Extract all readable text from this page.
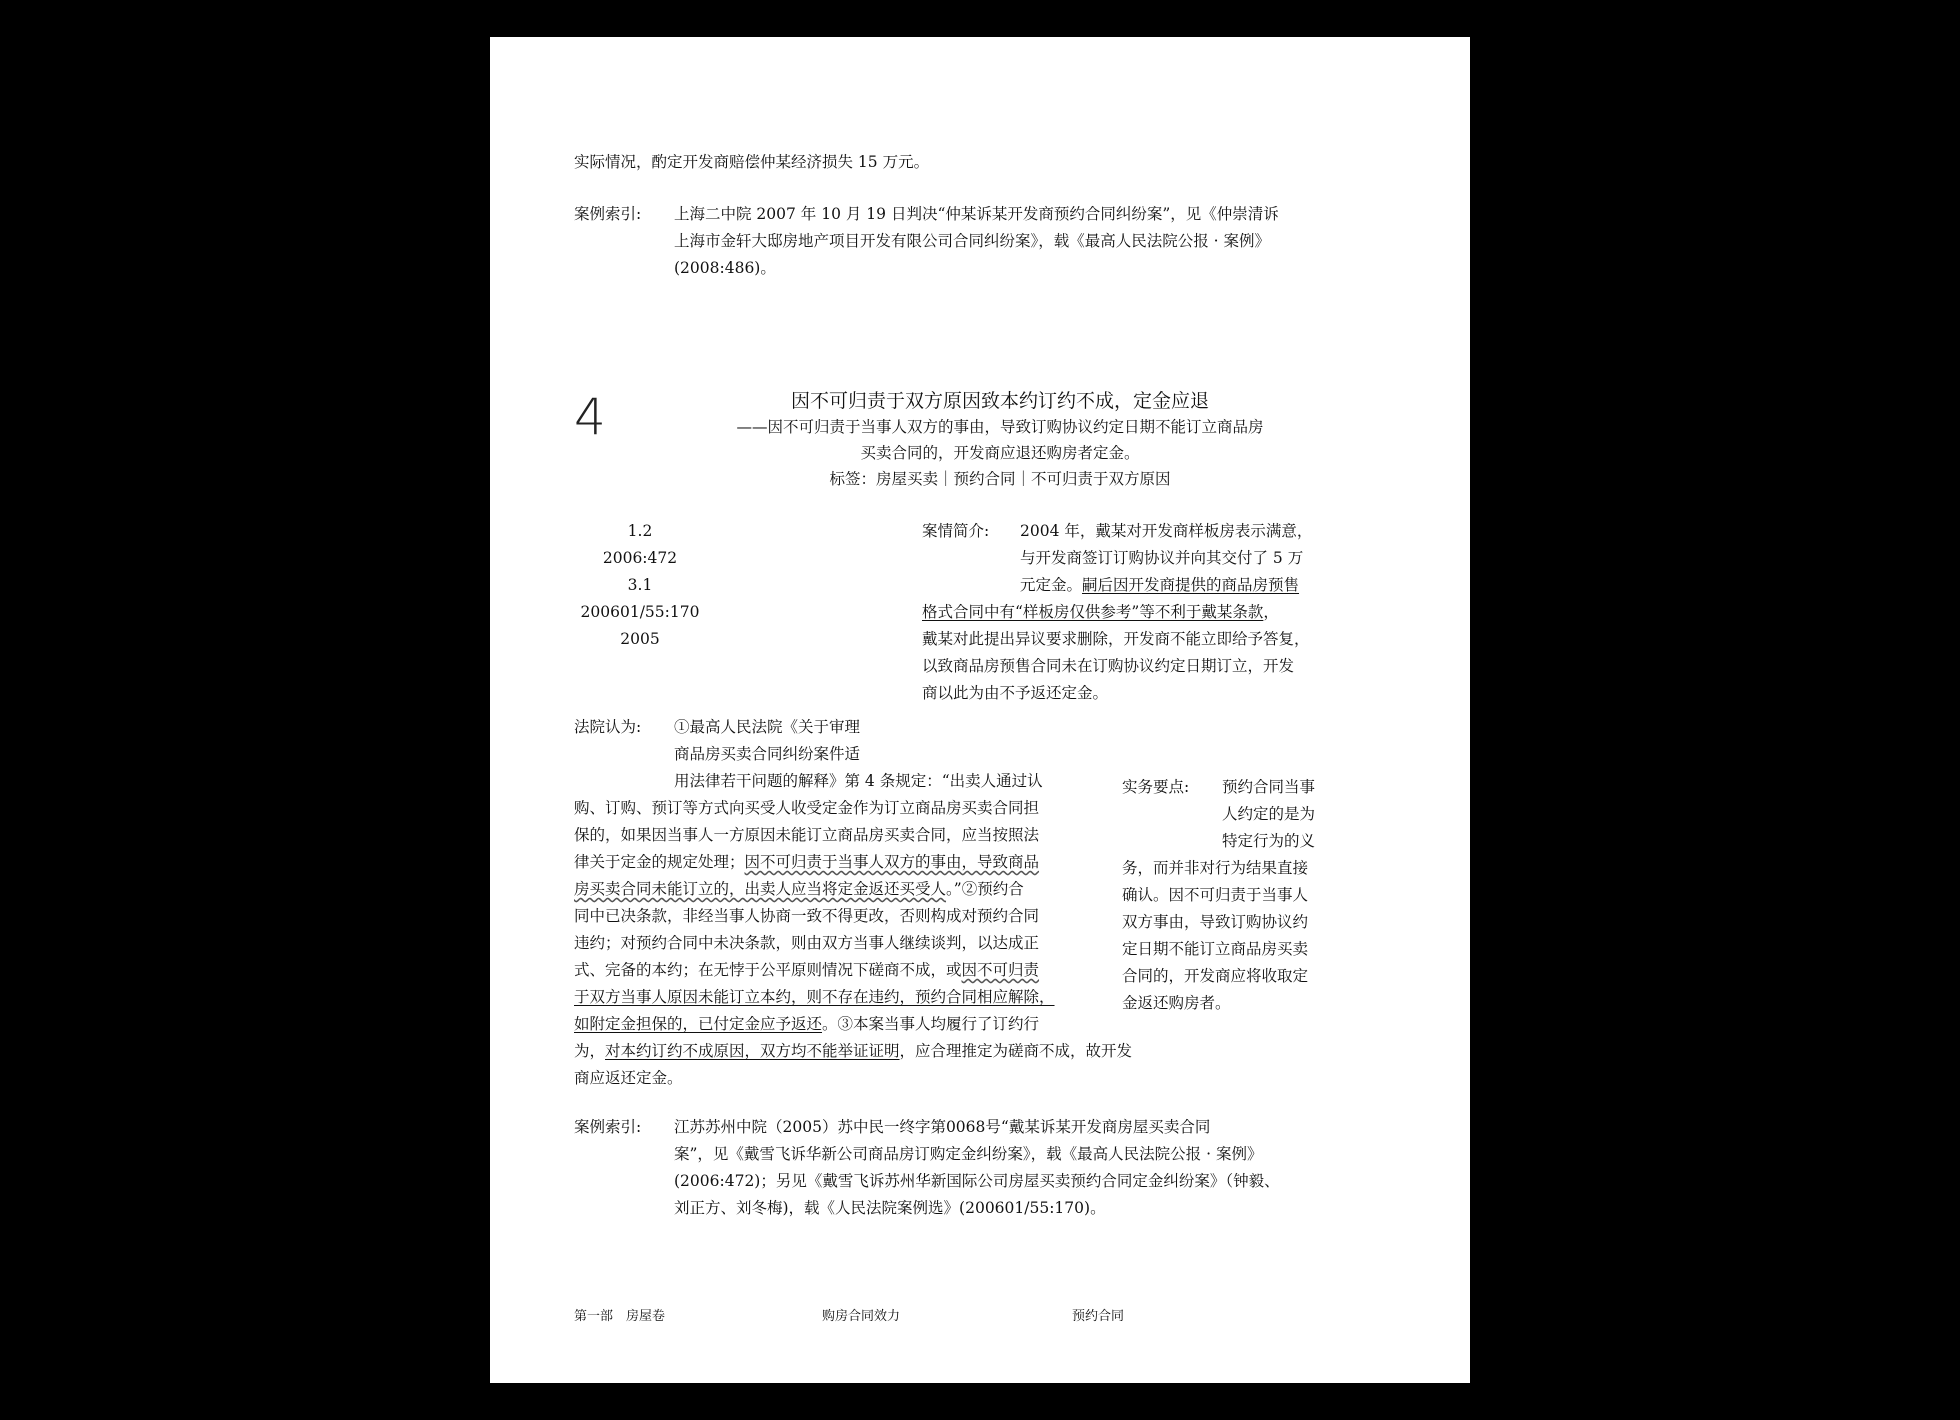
实际情况，酌定开发商赔偿仲某经济损失 15 万元。
案例索引: 上海二中院 2007 年 10 月 19 日判决“仲某诉某开发商预约合同纠纷案”，见《仲崇清诉
上海市金轩大邸房地产项目开发有限公司合同纠纷案》，载《最高人民法院公报 · 案例》
(2008:486)。
4	因不可归责于双方原因致本约订约不成，定金应退
——因不可归责于当事人双方的事由，导致订购协议约定日期不能订立商品房
买卖合同的，开发商应退还购房者定金。
标签：房屋买卖｜预约合同｜不可归责于双方原因
1.2
2006:472
3.1
200601/55:170
2005
案情简介: 2004 年，戴某对开发商样板房表示满意，
与开发商签订订购协议并向其交付了 5 万
元定金。嗣后因开发商提供的商品房预售
格式合同中有“样板房仅供参考”等不利于戴某条款，
戴某对此提出异议要求删除，开发商不能立即给予答复，
以致商品房预售合同未在订购协议约定日期订立，开发
商以此为由不予返还定金。
法院认为: ①最高人民法院《关于审理
商品房买卖合同纠纷案件适
用法律若干问题的解释》第 4 条规定：“出卖人通过认
购、订购、预订等方式向买受人收受定金作为订立商品房买卖合同担
保的，如果因当事人一方原因未能订立商品房买卖合同，应当按照法
律关于定金的规定处理；因不可归责于当事人双方的事由，导致商品
房买卖合同未能订立的，出卖人应当将定金返还买受人。”②预约合
同中已决条款，非经当事人协商一致不得更改，否则构成对预约合同
违约；对预约合同中未决条款，则由双方当事人继续谈判，以达成正
式、完备的本约；在无悖于公平原则情况下磋商不成，或因不可归责
于双方当事人原因未能订立本约，则不存在违约，预约合同相应解除，
如附定金担保的，已付定金应予返还。③本案当事人均履行了订约行
为，对本约订约不成原因，双方均不能举证证明，应合理推定为磋商不成，故开发
商应返还定金。
实务要点: 预约合同当事
人约定的是为
特定行为的义
务，而并非对行为结果直接
确认。因不可归责于当事人
双方事由，导致订购协议约
定日期不能订立商品房买卖
合同的，开发商应将收取定
金返还购房者。
案例索引: 江苏苏州中院（2005）苏中民一终字第0068号“戴某诉某开发商房屋买卖合同
案”，见《戴雪飞诉华新公司商品房订购定金纠纷案》，载《最高人民法院公报 · 案例》
(2006:472)；另见《戴雪飞诉苏州华新国际公司房屋买卖预约合同定金纠纷案》（钟毅、
刘正方、刘冬梅)，载《人民法院案例选》(200601/55:170)。
第一部　房屋卷	购房合同效力	预约合同
